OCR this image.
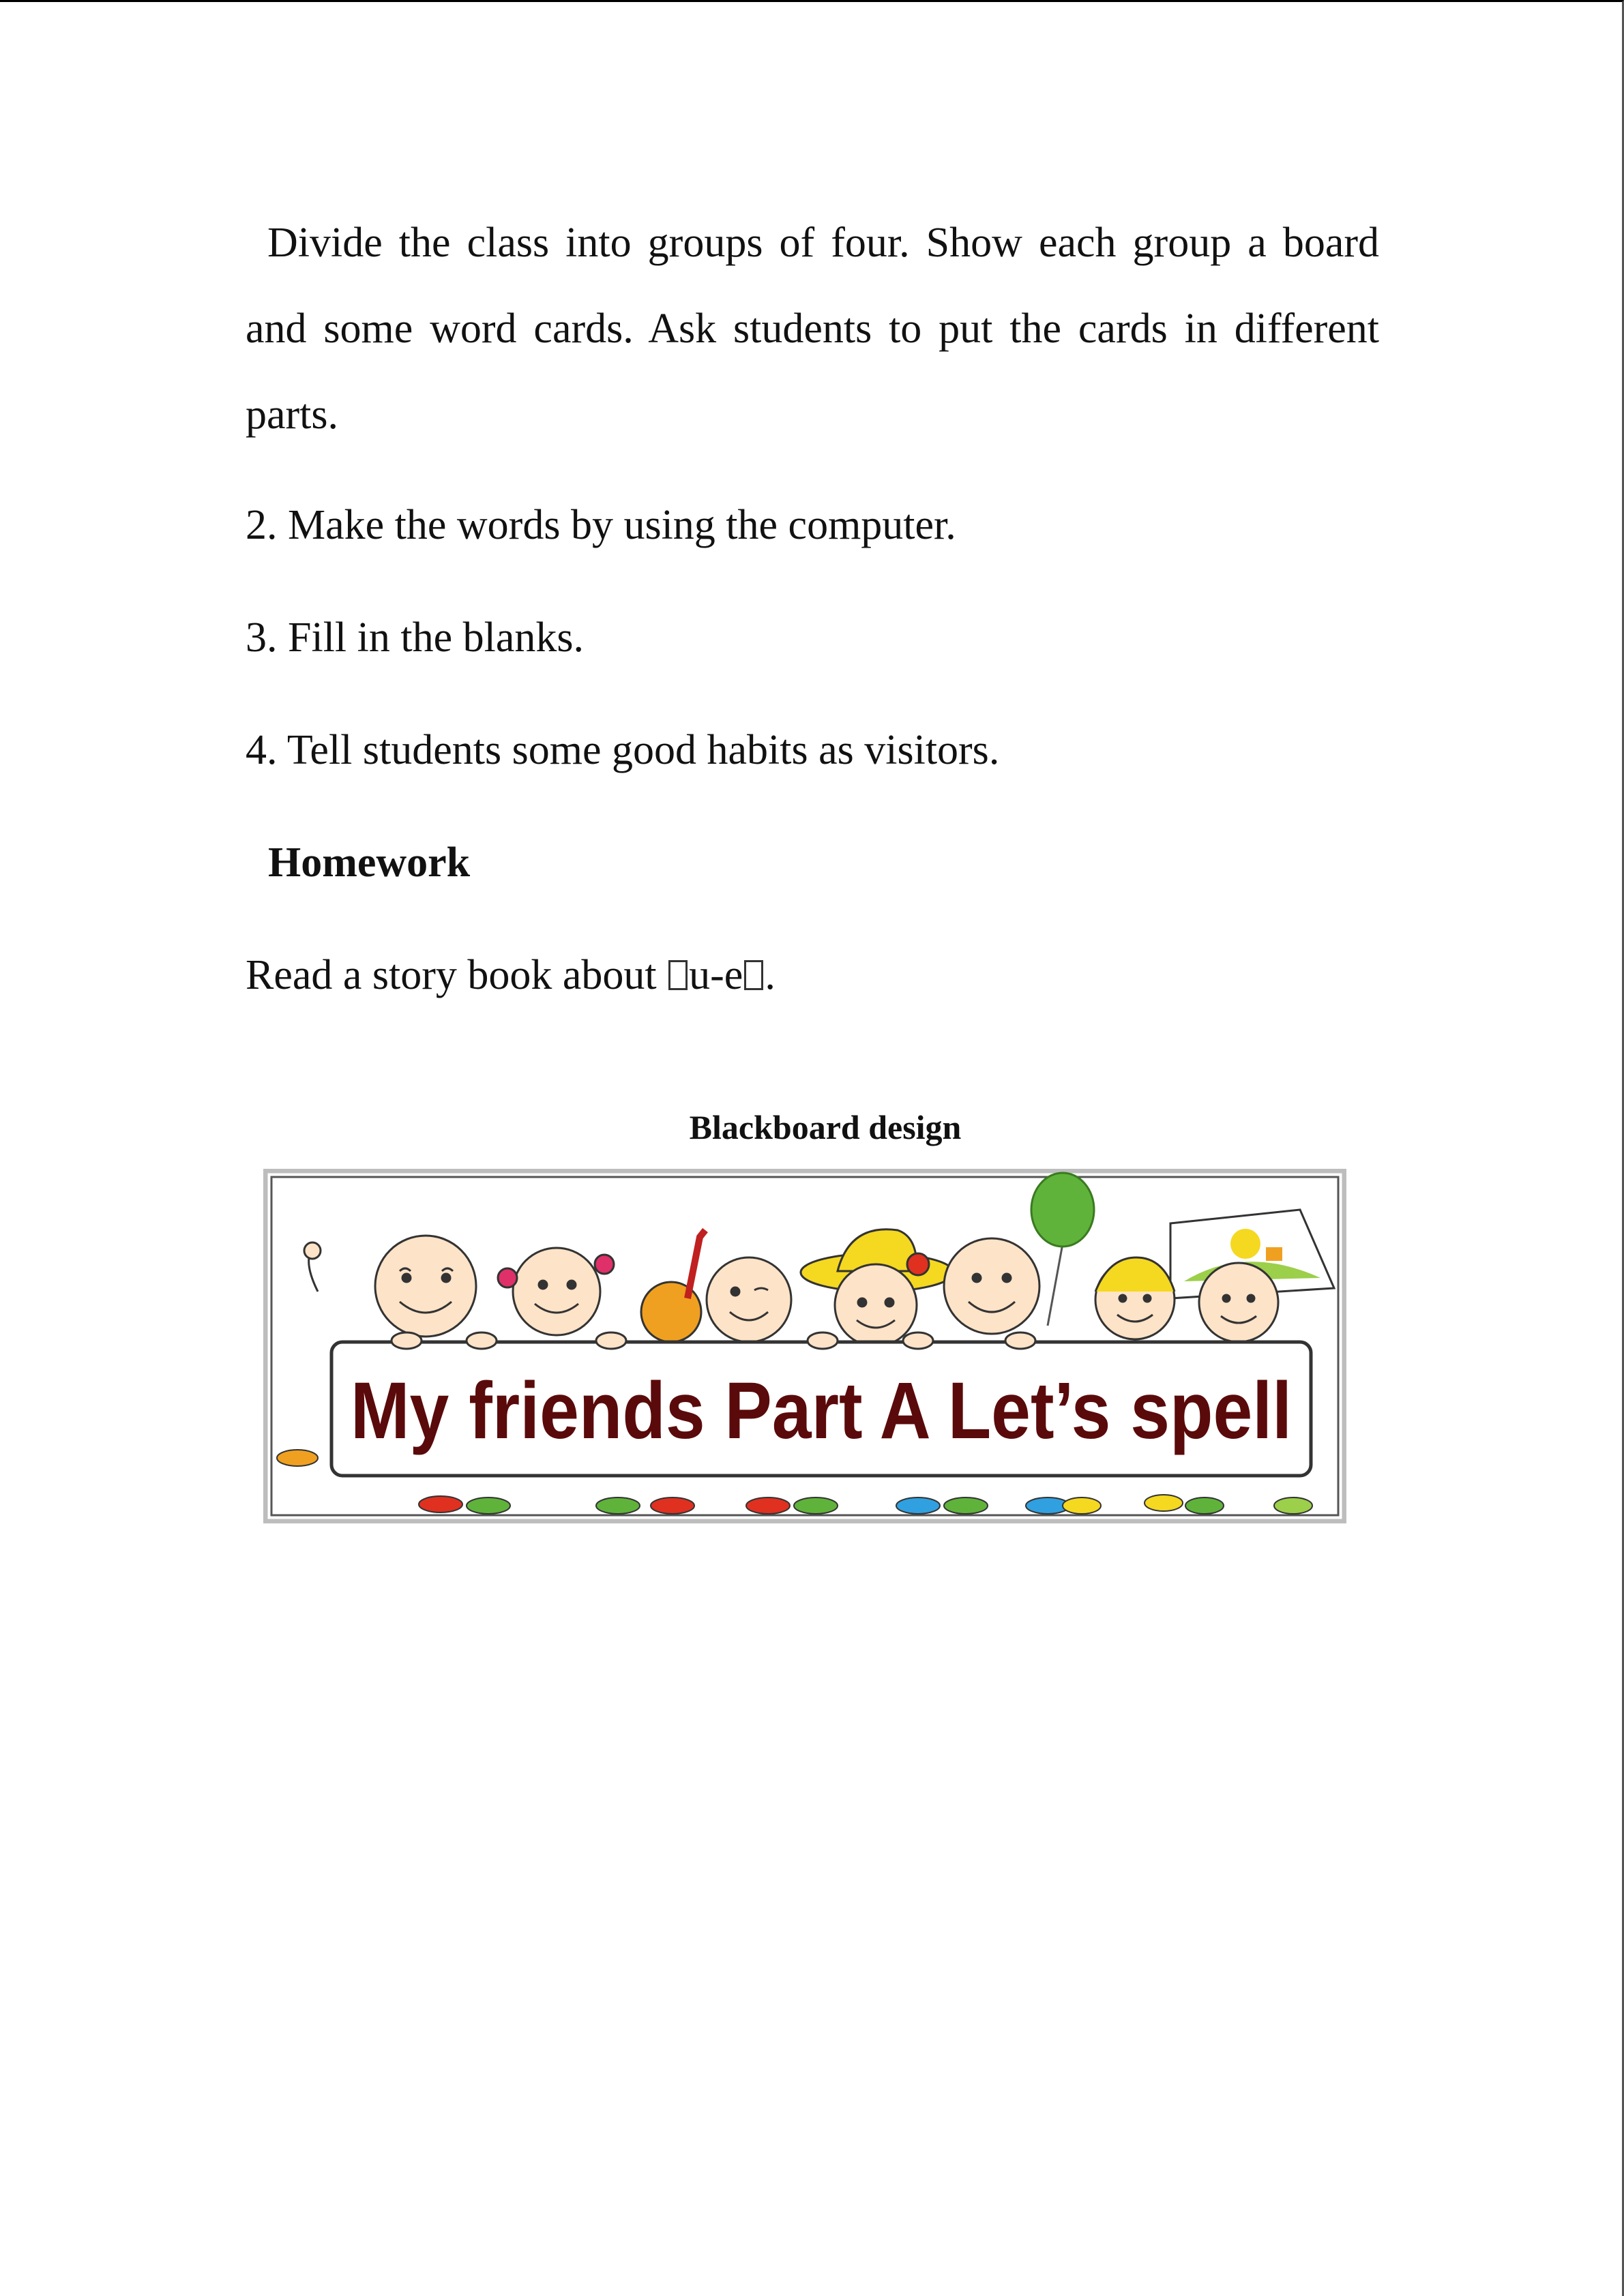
Divide the class into groups of four. Show each group a board and some word cards. Ask students to put the cards in different parts.

2. Make the words by using the computer.

3. Fill in the blanks.

4. Tell students some good habits as visitors.

Homework

Read a story book about u-e .

Blackboard design

My friends Part A Let’s spell
